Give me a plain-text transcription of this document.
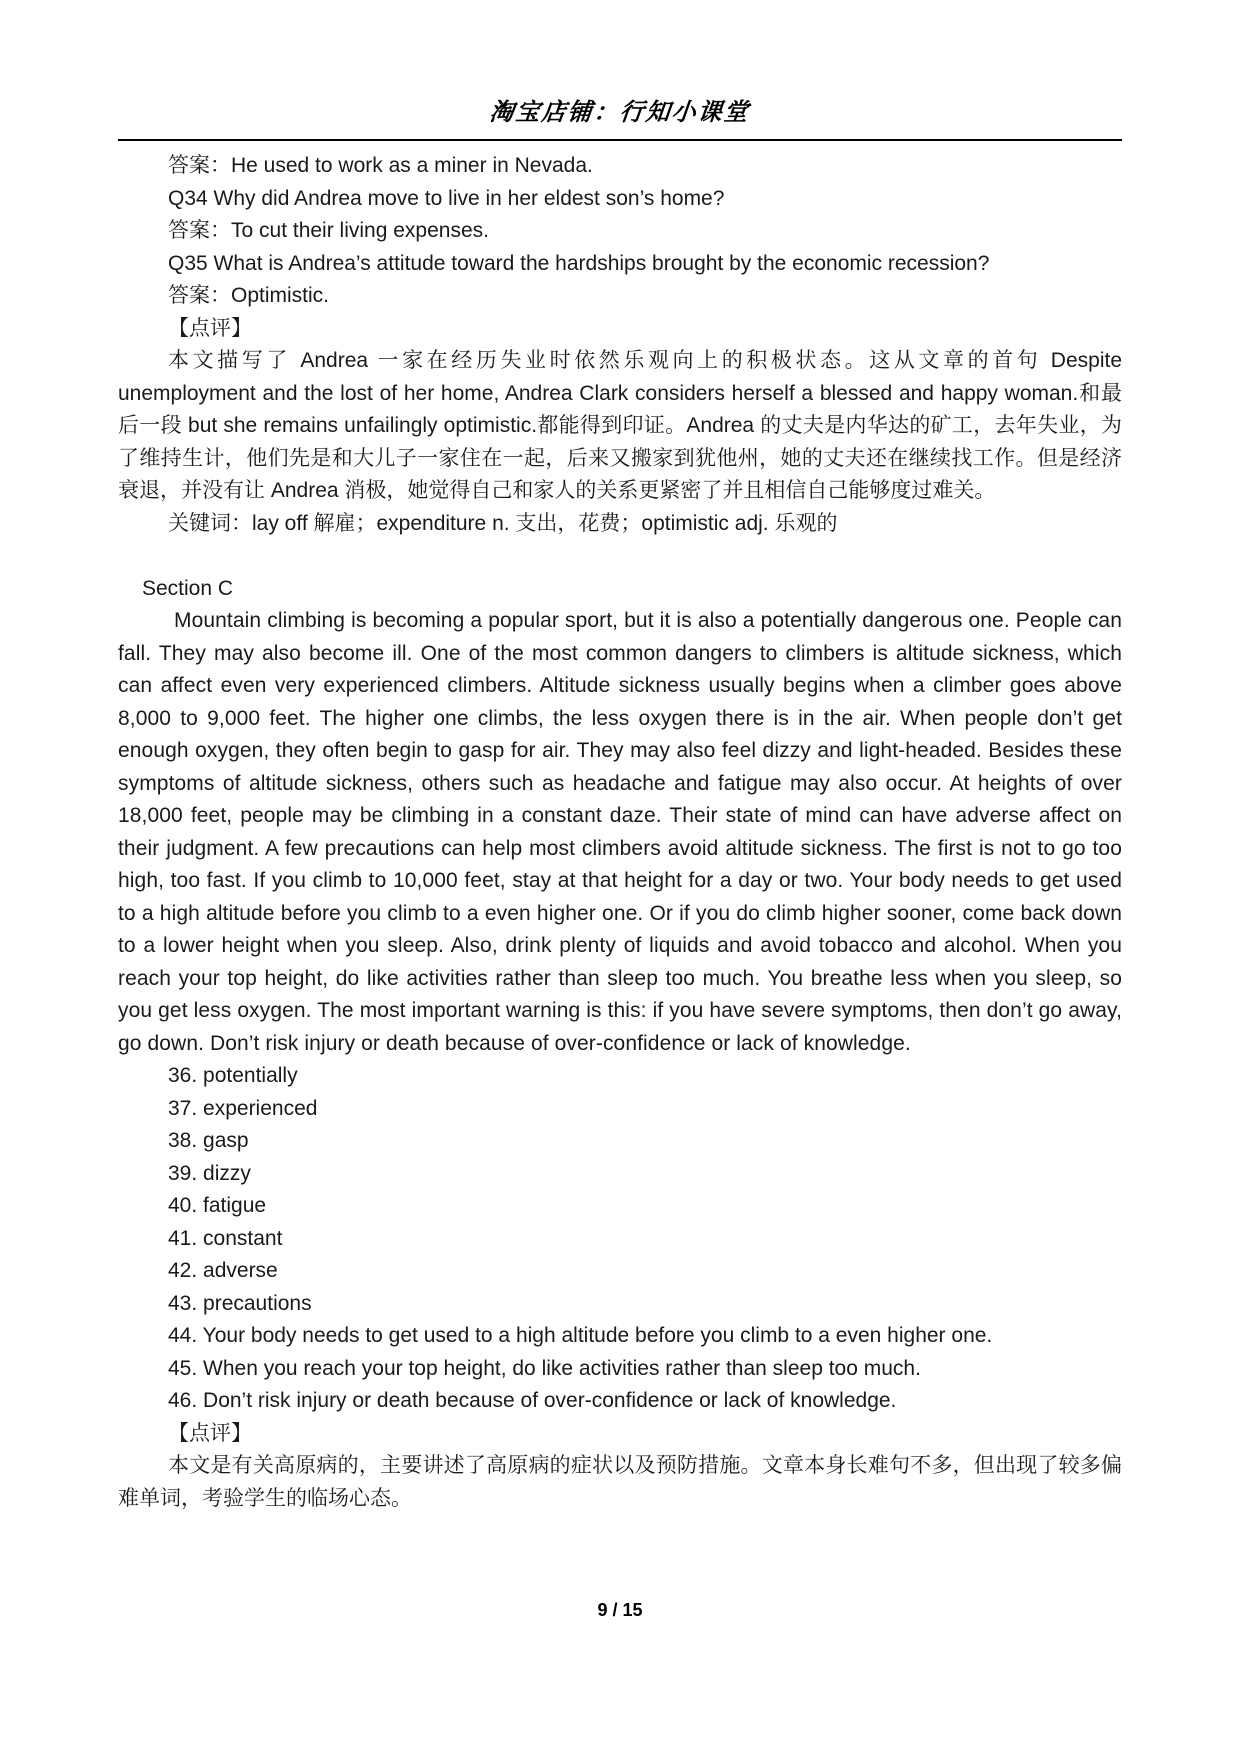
淘宝店铺：行知小课堂
答案：He used to work as a miner in Nevada.
Q34 Why did Andrea move to live in her eldest son’s home?
答案：To cut their living expenses.
Q35 What is Andrea’s attitude toward the hardships brought by the economic recession?
答案：Optimistic.
【点评】

本文描写了 Andrea 一家在经历失业时依然乐观向上的积极状态。这从文章的首句 Despite unemployment and the lost of her home, Andrea Clark considers herself a blessed and happy woman.和最后一段 but she remains unfailingly optimistic.都能得到印证。Andrea 的丈夫是内华达的矿工，去年失业，为了维持生计，他们先是和大儿子一家住在一起，后来又搬家到犹他州，她的丈夫还在继续找工作。但是经济衰退，并没有让 Andrea 消极，她觉得自己和家人的关系更紧密了并且相信自己能够度过难关。

关键词：lay off 解雇；expenditure n. 支出，花费；optimistic adj. 乐观的
Section C

Mountain climbing is becoming a popular sport, but it is also a potentially dangerous one. People can fall. They may also become ill. One of the most common dangers to climbers is altitude sickness, which can affect even very experienced climbers. Altitude sickness usually begins when a climber goes above 8,000 to 9,000 feet. The higher one climbs, the less oxygen there is in the air. When people don’t get enough oxygen, they often begin to gasp for air. They may also feel dizzy and light-headed. Besides these symptoms of altitude sickness, others such as headache and fatigue may also occur. At heights of over 18,000 feet, people may be climbing in a constant daze. Their state of mind can have adverse affect on their judgment. A few precautions can help most climbers avoid altitude sickness. The first is not to go too high, too fast. If you climb to 10,000 feet, stay at that height for a day or two. Your body needs to get used to a high altitude before you climb to a even higher one. Or if you do climb higher sooner, come back down to a lower height when you sleep. Also, drink plenty of liquids and avoid tobacco and alcohol. When you reach your top height, do like activities rather than sleep too much. You breathe less when you sleep, so you get less oxygen. The most important warning is this: if you have severe symptoms, then don’t go away, go down. Don’t risk injury or death because of over-confidence or lack of knowledge.

36. potentially
37. experienced
38. gasp
39. dizzy
40. fatigue
41. constant
42. adverse
43. precautions
44. Your body needs to get used to a high altitude before you climb to a even higher one.
45. When you reach your top height, do like activities rather than sleep too much.
46. Don’t risk injury or death because of over-confidence or lack of knowledge.
【点评】

本文是有关高原病的，主要讲述了高原病的症状以及预防措施。文章本身长难句不多，但出现了较多偏难单词，考验学生的临场心态。

9 / 15
